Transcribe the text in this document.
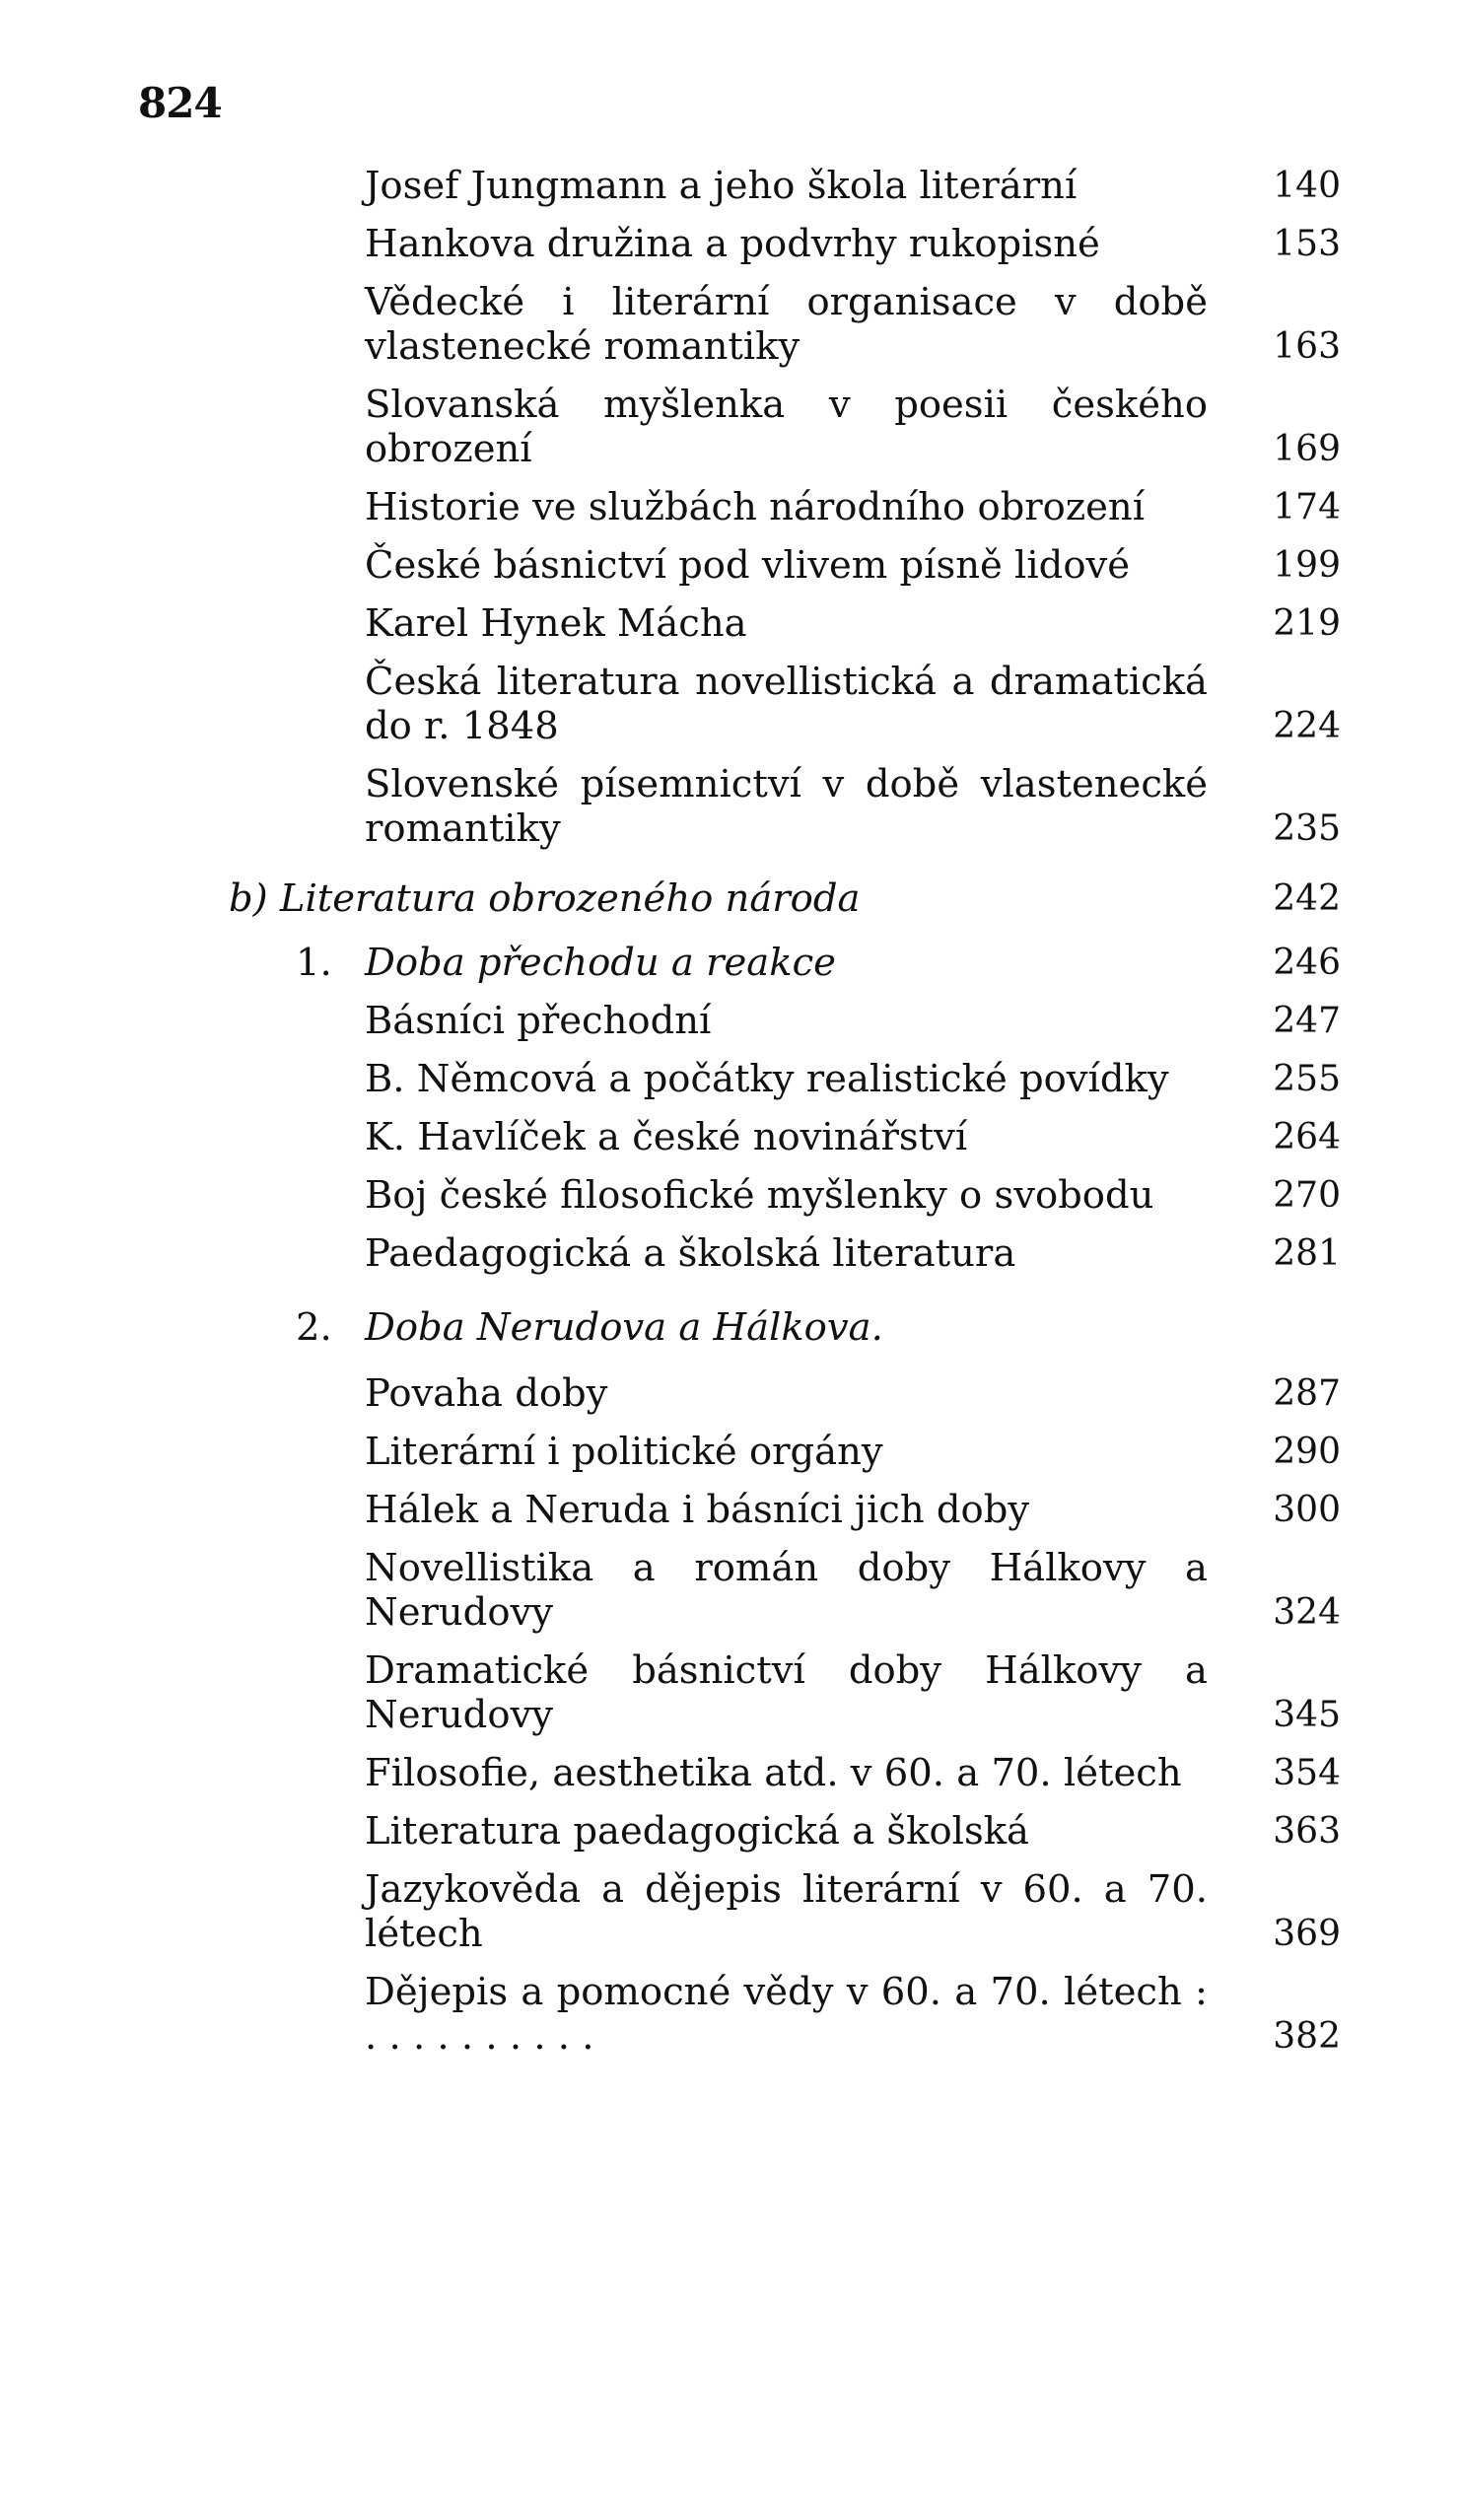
824
Josef Jungmann a jeho škola literární	140
Hankova družina a podvrhy rukopisné	153
Vědecké i literární organisace v době vlastenecké romantiky	163
Slovanská myšlenka v poesii českého obrození	169
Historie ve službách národního obrození	174
České básnictví pod vlivem písně lidové	199
Karel Hynek Mácha	219
Česká literatura novellistická a dramatická do r. 1848	224
Slovenské písemnictví v době vlastenecké romantiky	235
b) Literatura obrozeného národa	242
1. Doba přechodu a reakce	246
Básníci přechodní	247
B. Němcová a počátky realistické povídky	255
K. Havlíček a české novinářství	264
Boj české filosofické myšlenky o svobodu	270
Paedagogická a školská literatura	281
2. Doba Nerudova a Hálkova.
Povaha doby	287
Literární i politické orgány	290
Hálek a Neruda i básníci jich doby	300
Novellistika a román doby Hálkovy a Nerudovy	324
Dramatické básnictví doby Hálkovy a Nerudovy	345
Filosofie, aesthetika atd. v 60. a 70. létech	354
Literatura paedagogická a školská	363
Jazykověda a dějepis literární v 60. a 70. létech	369
Dějepis a pomocné vědy v 60. a 70. létech : . . . . . . . . . .	382
